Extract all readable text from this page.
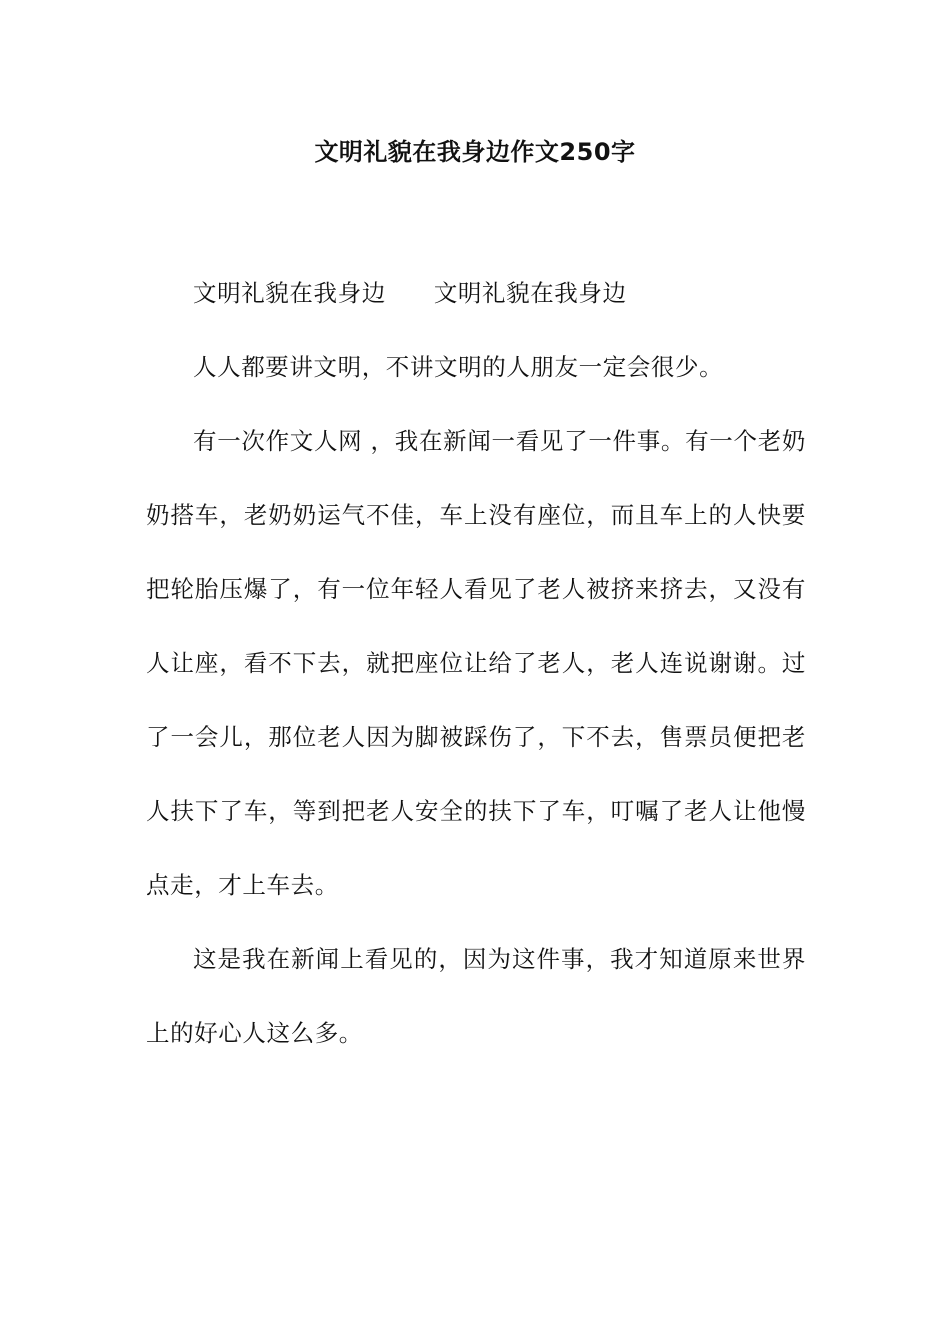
文明礼貌在我身边作文250字

文明礼貌在我身边 文明礼貌在我身边

人人都要讲文明，不讲文明的人朋友一定会很少。

有一次作文人网 ，我在新闻一看见了一件事。有一个老奶奶搭车，老奶奶运气不佳，车上没有座位，而且车上的人快要把轮胎压爆了，有一位年轻人看见了老人被挤来挤去，又没有人让座，看不下去，就把座位让给了老人，老人连说谢谢。过了一会儿，那位老人因为脚被踩伤了，下不去，售票员便把老人扶下了车，等到把老人安全的扶下了车，叮嘱了老人让他慢点走，才上车去。

这是我在新闻上看见的，因为这件事，我才知道原来世界上的好心人这么多。
